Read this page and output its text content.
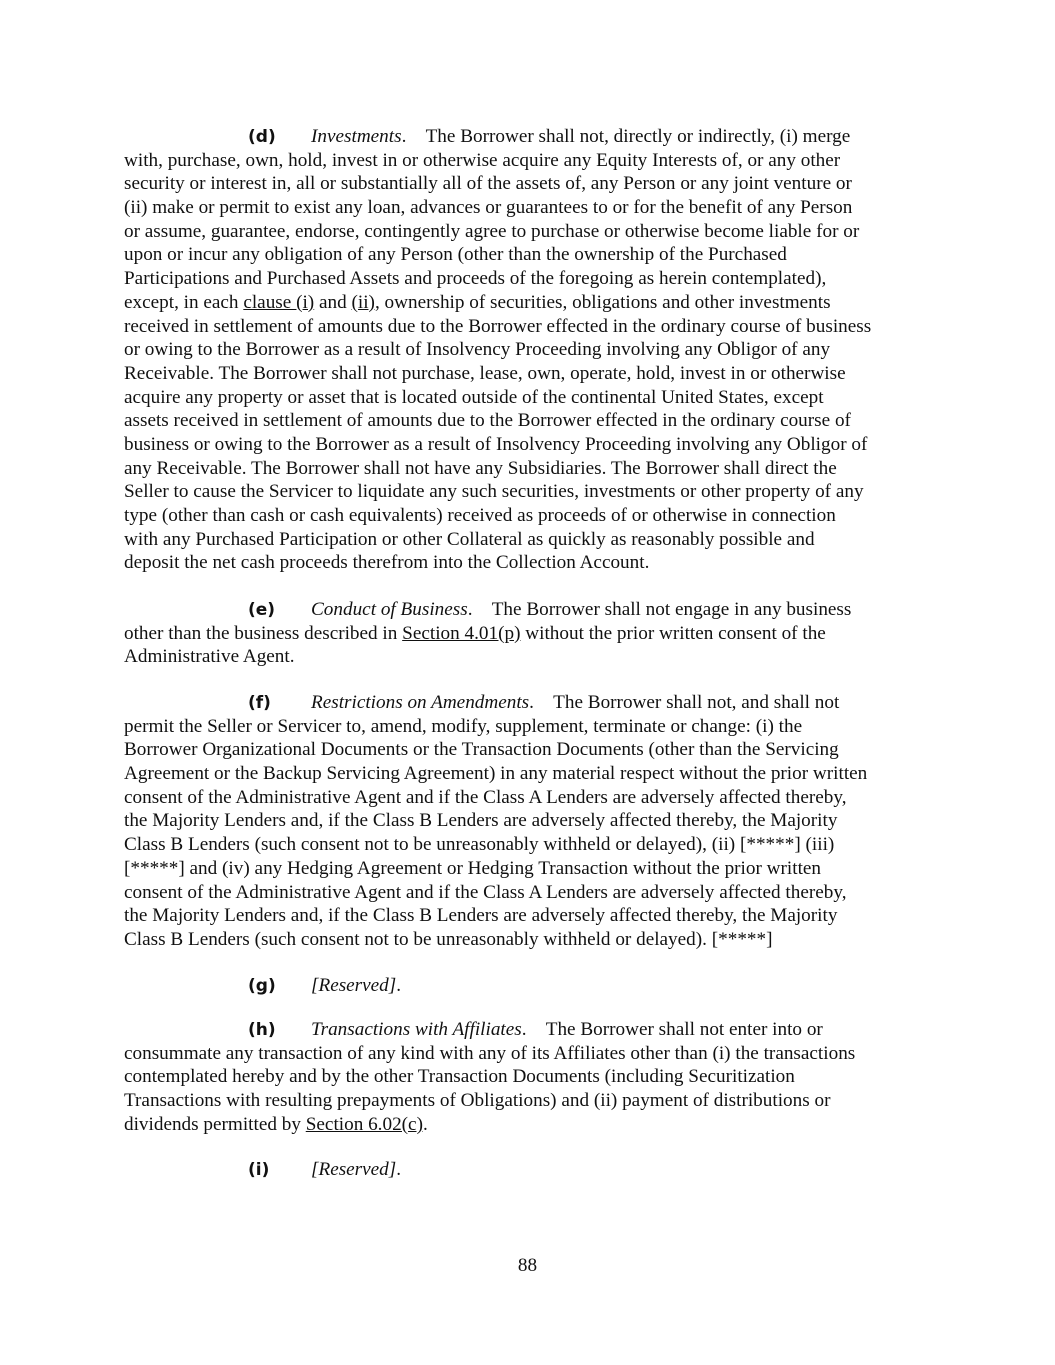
Investments.    The Borrower shall not, directly or indirectly, (i) merge
with, purchase, own, hold, invest in or otherwise acquire any Equity Interests of, or any other
security or interest in, all or substantially all of the assets of, any Person or any joint venture or
(ii) make or permit to exist any loan, advances or guarantees to or for the benefit of any Person
or assume, guarantee, endorse, contingently agree to purchase or otherwise become liable for or
upon or incur any obligation of any Person (other than the ownership of the Purchased
Participations and Purchased Assets and proceeds of the foregoing as herein contemplated),
except, in each clause (i) and (ii), ownership of securities, obligations and other investments
received in settlement of amounts due to the Borrower effected in the ordinary course of business
or owing to the Borrower as a result of Insolvency Proceeding involving any Obligor of any
Receivable. The Borrower shall not purchase, lease, own, operate, hold, invest in or otherwise
acquire any property or asset that is located outside of the continental United States, except
assets received in settlement of amounts due to the Borrower effected in the ordinary course of
business or owing to the Borrower as a result of Insolvency Proceeding involving any Obligor of
any Receivable. The Borrower shall not have any Subsidiaries. The Borrower shall direct the
Seller to cause the Servicer to liquidate any such securities, investments or other property of any
type (other than cash or cash equivalents) received as proceeds of or otherwise in connection
with any Purchased Participation or other Collateral as quickly as reasonably possible and
deposit the net cash proceeds therefrom into the Collection Account.
(d)
Conduct of Business.    The Borrower shall not engage in any business
other than the business described in Section 4.01(p) without the prior written consent of the
Administrative Agent.
(e)
Restrictions on Amendments.    The Borrower shall not, and shall not
permit the Seller or Servicer to, amend, modify, supplement, terminate or change: (i) the
Borrower Organizational Documents or the Transaction Documents (other than the Servicing
Agreement or the Backup Servicing Agreement) in any material respect without the prior written
consent of the Administrative Agent and if the Class A Lenders are adversely affected thereby,
the Majority Lenders and, if the Class B Lenders are adversely affected thereby, the Majority
Class B Lenders (such consent not to be unreasonably withheld or delayed), (ii) [*****] (iii)
[*****] and (iv) any Hedging Agreement or Hedging Transaction without the prior written
consent of the Administrative Agent and if the Class A Lenders are adversely affected thereby,
the Majority Lenders and, if the Class B Lenders are adversely affected thereby, the Majority
Class B Lenders (such consent not to be unreasonably withheld or delayed). [*****]
(f)
[Reserved].
(g)
Transactions with Affiliates.    The Borrower shall not enter into or
consummate any transaction of any kind with any of its Affiliates other than (i) the transactions
contemplated hereby and by the other Transaction Documents (including Securitization
Transactions with resulting prepayments of Obligations) and (ii) payment of distributions or
dividends permitted by Section 6.02(c).
(h)
[Reserved].
(i)
88
